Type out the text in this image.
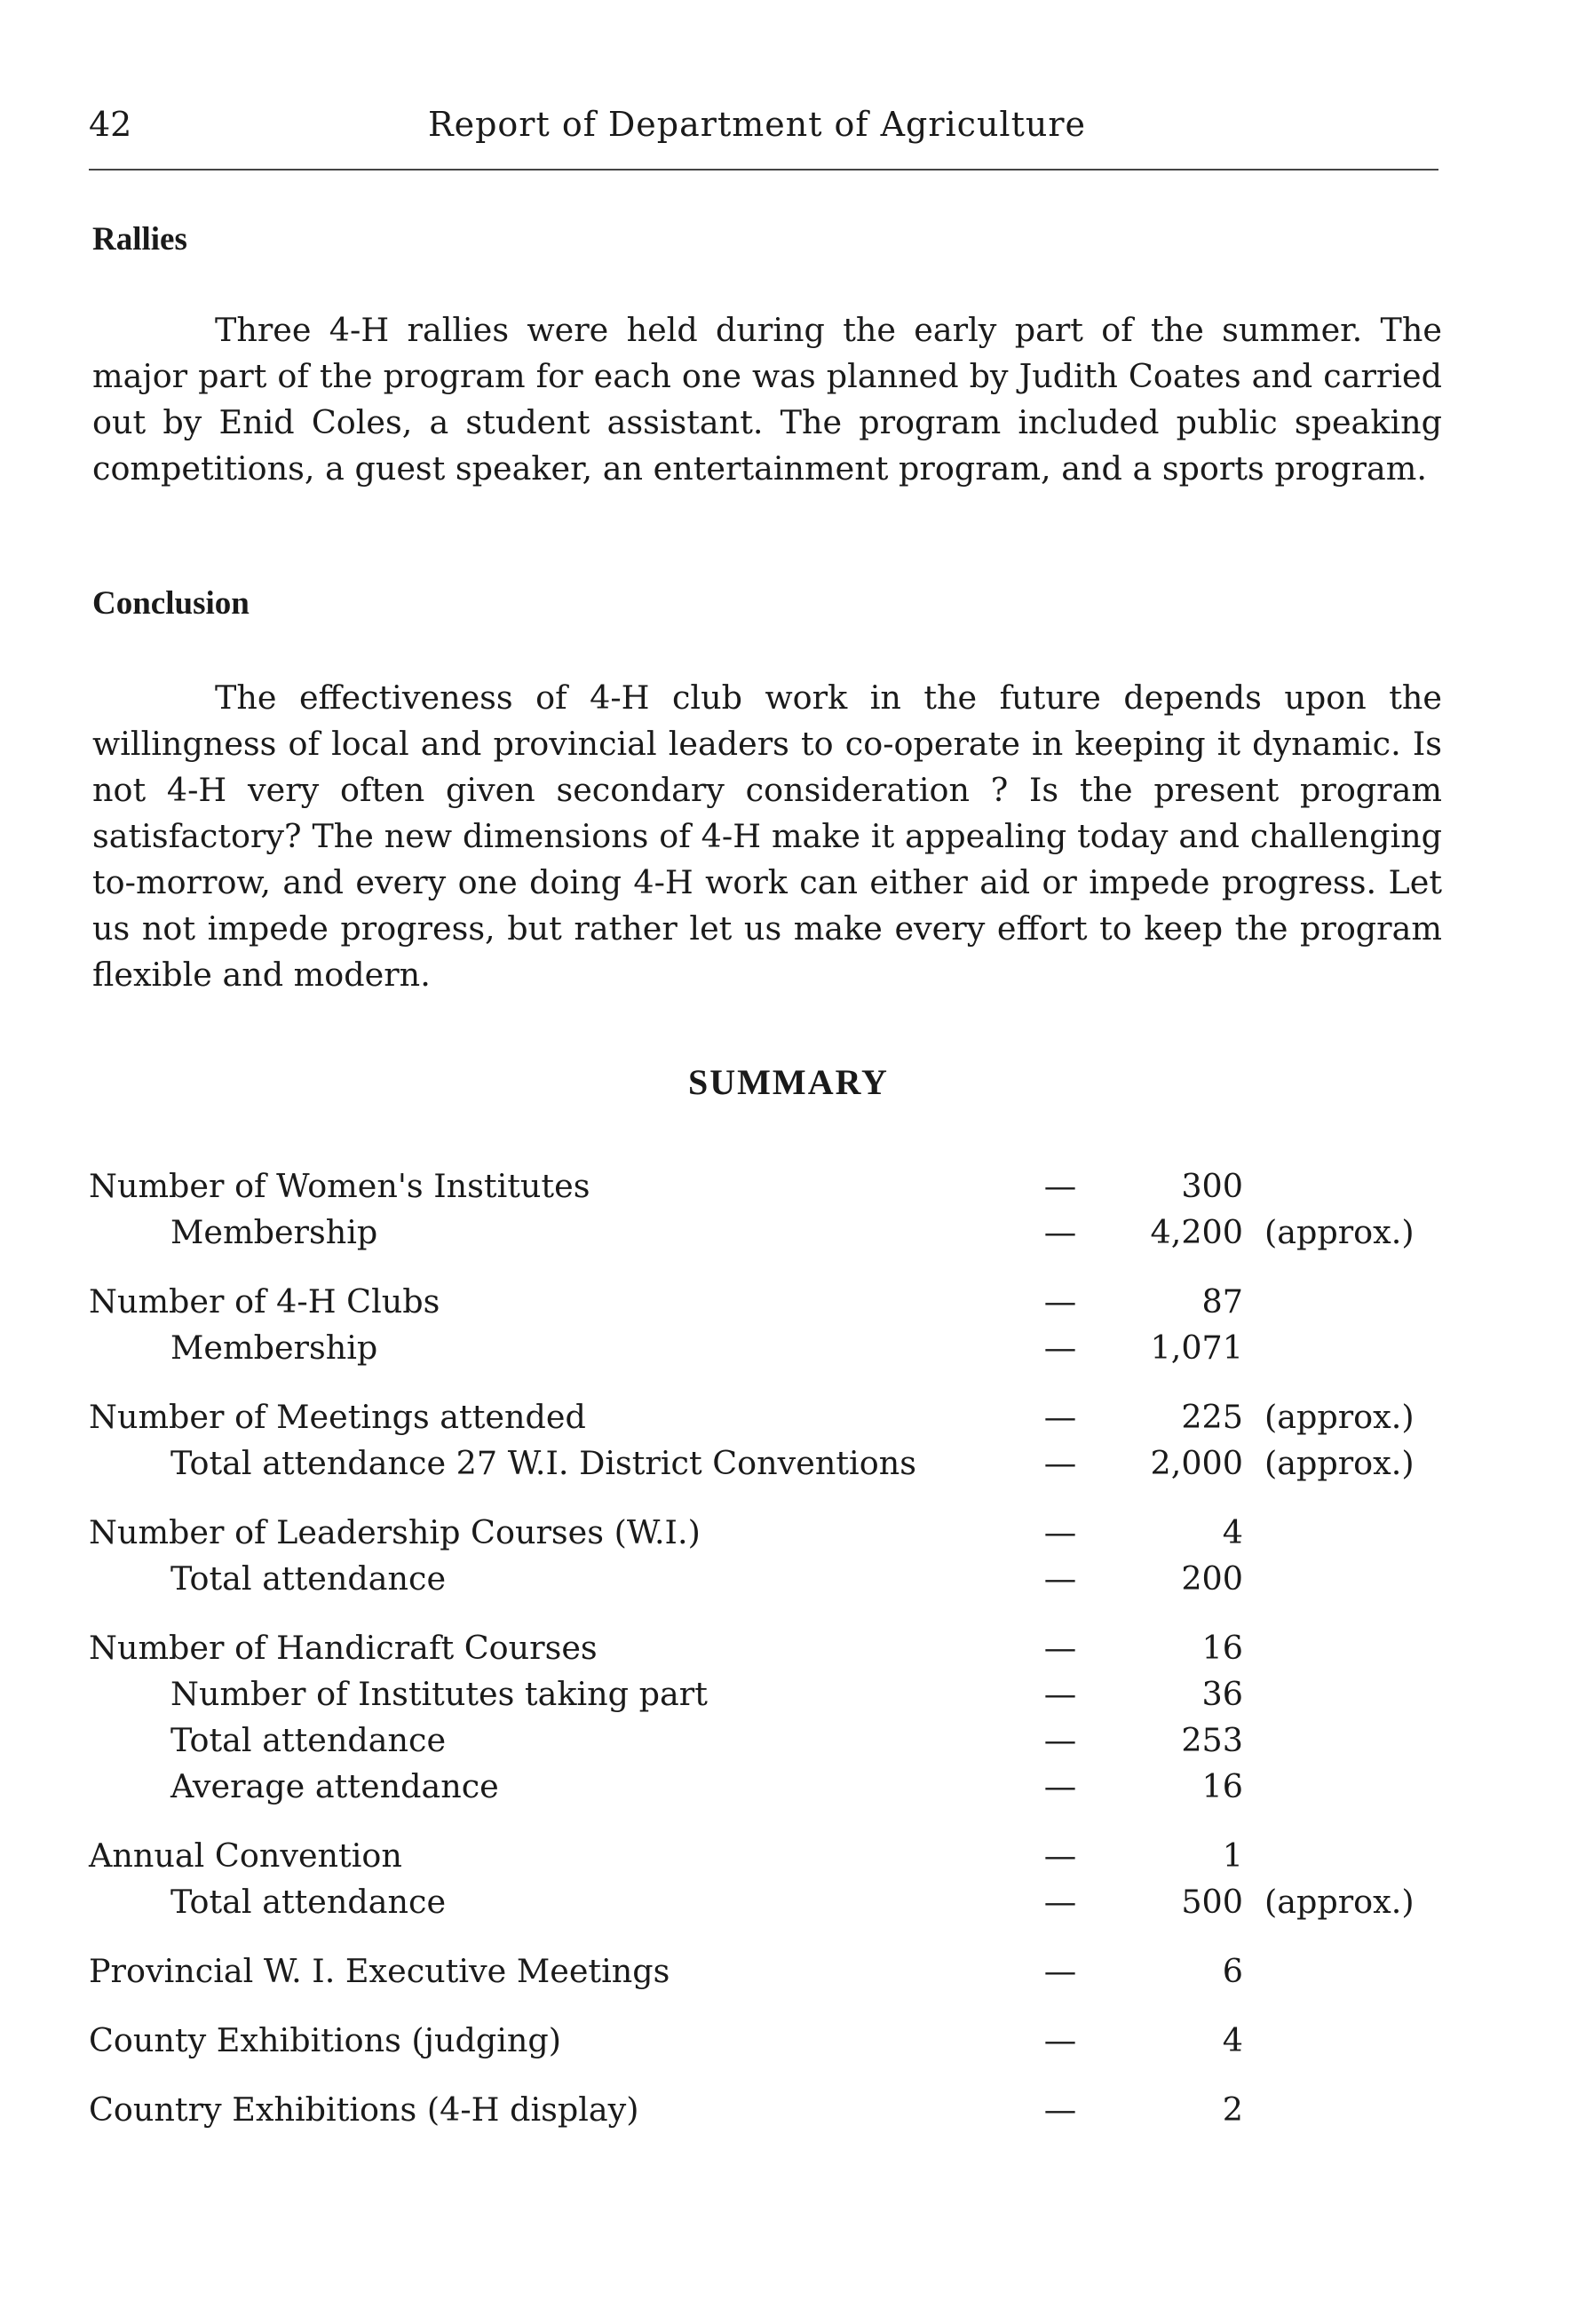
42	Report of Department of Agriculture
Rallies

Three 4-H rallies were held during the early part of the summer. The major part of the program for each one was planned by Judith Coates and carried out by Enid Coles, a student assistant. The program included public speaking competitions, a guest speaker, an entertainment program, and a sports program.

Conclusion

The effectiveness of 4-H club work in the future depends upon the willingness of local and provincial leaders to co-operate in keeping it dynamic. Is not 4-H very often given secondary consideration ? Is the present program satisfactory? The new dimensions of 4-H make it appealing today and challenging to-morrow, and every one doing 4-H work can either aid or impede progress. Let us not impede progress, but rather let us make every effort to keep the program flexible and modern.

SUMMARY
Number of Women's Institutes	—	300
Membership	—	4,200 (approx.)
Number of 4-H Clubs	—	87
Membership	—	1,071
Number of Meetings attended	—	225 (approx.)
Total attendance 27 W.I. District Conventions	—	2,000 (approx.)
Number of Leadership Courses (W.I.)	—	4
Total attendance	—	200
Number of Handicraft Courses	—	16
Number of Institutes taking part	—	36
Total attendance	—	253
Average attendance	—	16
Annual Convention	—	1
Total attendance	—	500 (approx.)
Provincial W. I. Executive Meetings	—	6
County Exhibitions (judging)	—	4
Country Exhibitions (4-H display)	—	2
